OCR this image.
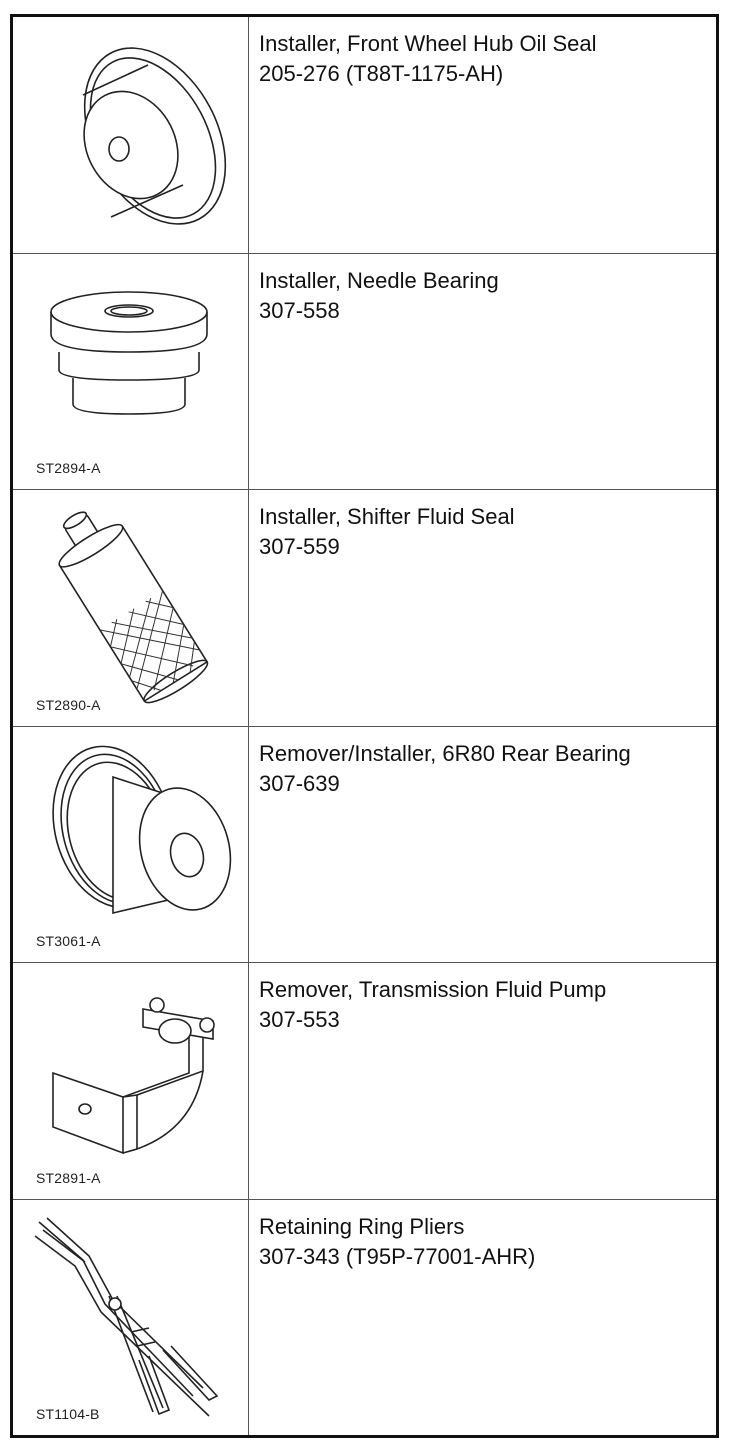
Installer, Front Wheel Hub Oil Seal
205-276 (T88T-1175-AH)
ST2894-A
Installer, Needle Bearing
307-558
ST2890-A
Installer, Shifter Fluid Seal
307-559
ST3061-A
Remover/Installer, 6R80 Rear Bearing
307-639
ST2891-A
Remover, Transmission Fluid Pump
307-553
ST1104-B
Retaining Ring Pliers
307-343 (T95P-77001-AHR)
